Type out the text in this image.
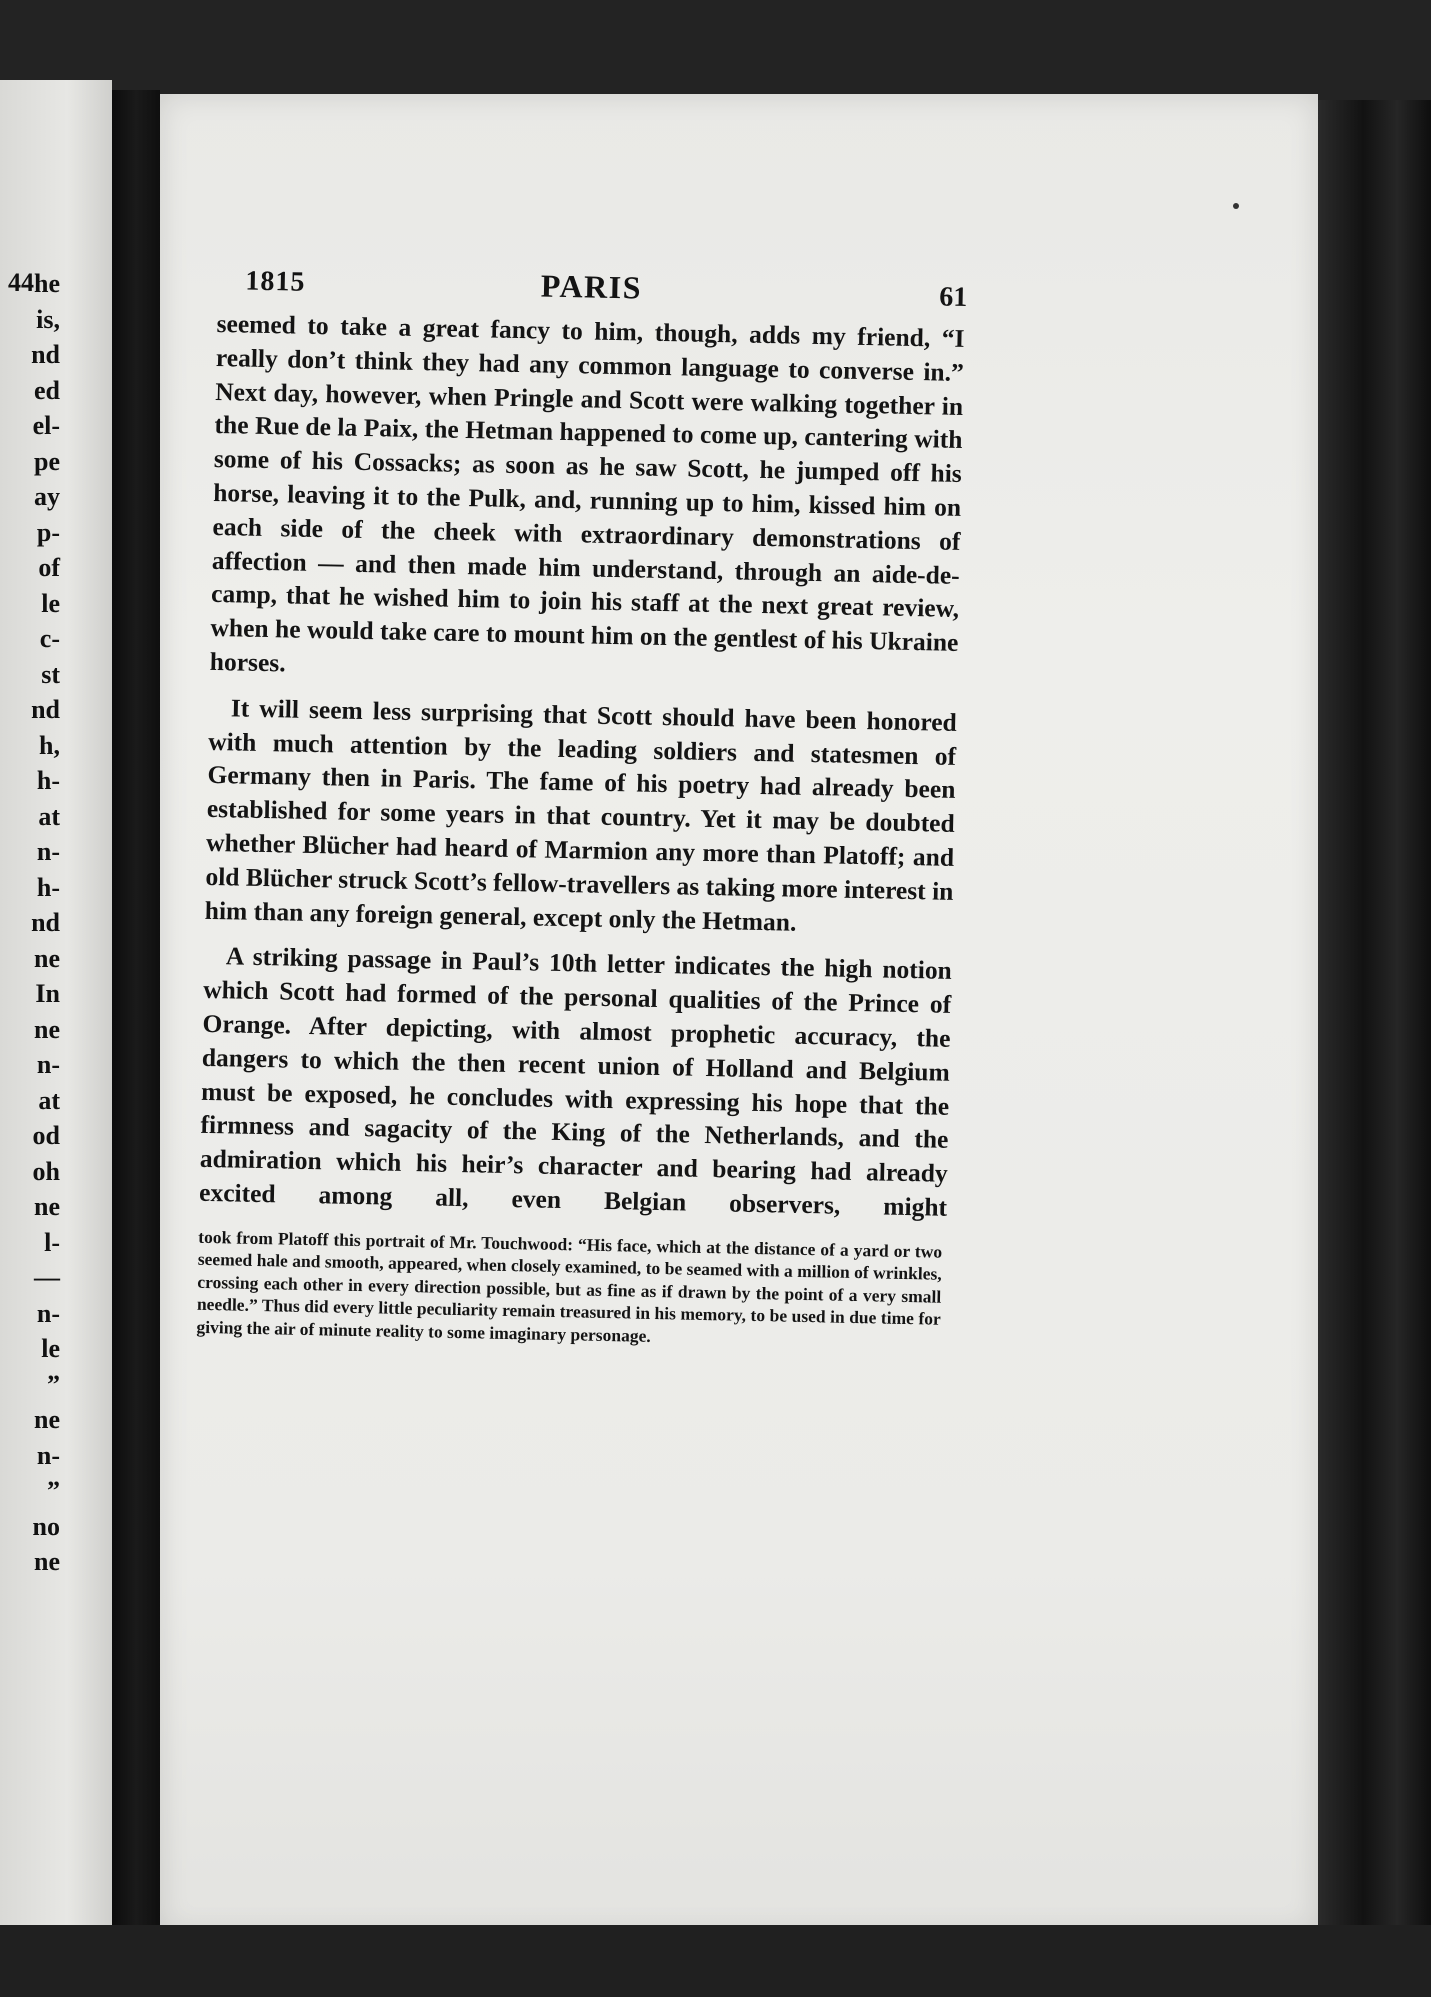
44 he
is,
nd
ed
el-
pe
ay
p-
of
le
c-
st
nd
h,
h-
at
n-
h-
nd
ne
In
ne
n-
at
od
oh
ne
l-
—
n-
le
”
ne
n-
”
no
ne
1815	PARIS	61

seemed to take a great fancy to him, though, adds my friend, “I really don’t think they had any common language to converse in.” Next day, however, when Pringle and Scott were walking together in the Rue de la Paix, the Hetman happened to come up, cantering with some of his Cossacks; as soon as he saw Scott, he jumped off his horse, leaving it to the Pulk, and, running up to him, kissed him on each side of the cheek with extraordinary demonstrations of affection — and then made him understand, through an aide-de-camp, that he wished him to join his staff at the next great review, when he would take care to mount him on the gentlest of his Ukraine horses.

It will seem less surprising that Scott should have been honored with much attention by the leading soldiers and statesmen of Germany then in Paris. The fame of his poetry had already been established for some years in that country. Yet it may be doubted whether Blücher had heard of Marmion any more than Platoff; and old Blücher struck Scott’s fellow-travellers as taking more interest in him than any foreign general, except only the Hetman.

A striking passage in Paul’s 10th letter indicates the high notion which Scott had formed of the personal qualities of the Prince of Orange. After depicting, with almost prophetic accuracy, the dangers to which the then recent union of Holland and Belgium must be exposed, he concludes with expressing his hope that the firmness and sagacity of the King of the Netherlands, and the admiration which his heir’s character and bearing had already excited among all, even Belgian observers, might

took from Platoff this portrait of Mr. Touchwood: “His face, which at the distance of a yard or two seemed hale and smooth, appeared, when closely examined, to be seamed with a million of wrinkles, crossing each other in every direction possible, but as fine as if drawn by the point of a very small needle.” Thus did every little peculiarity remain treasured in his memory, to be used in due time for giving the air of minute reality to some imaginary personage.
